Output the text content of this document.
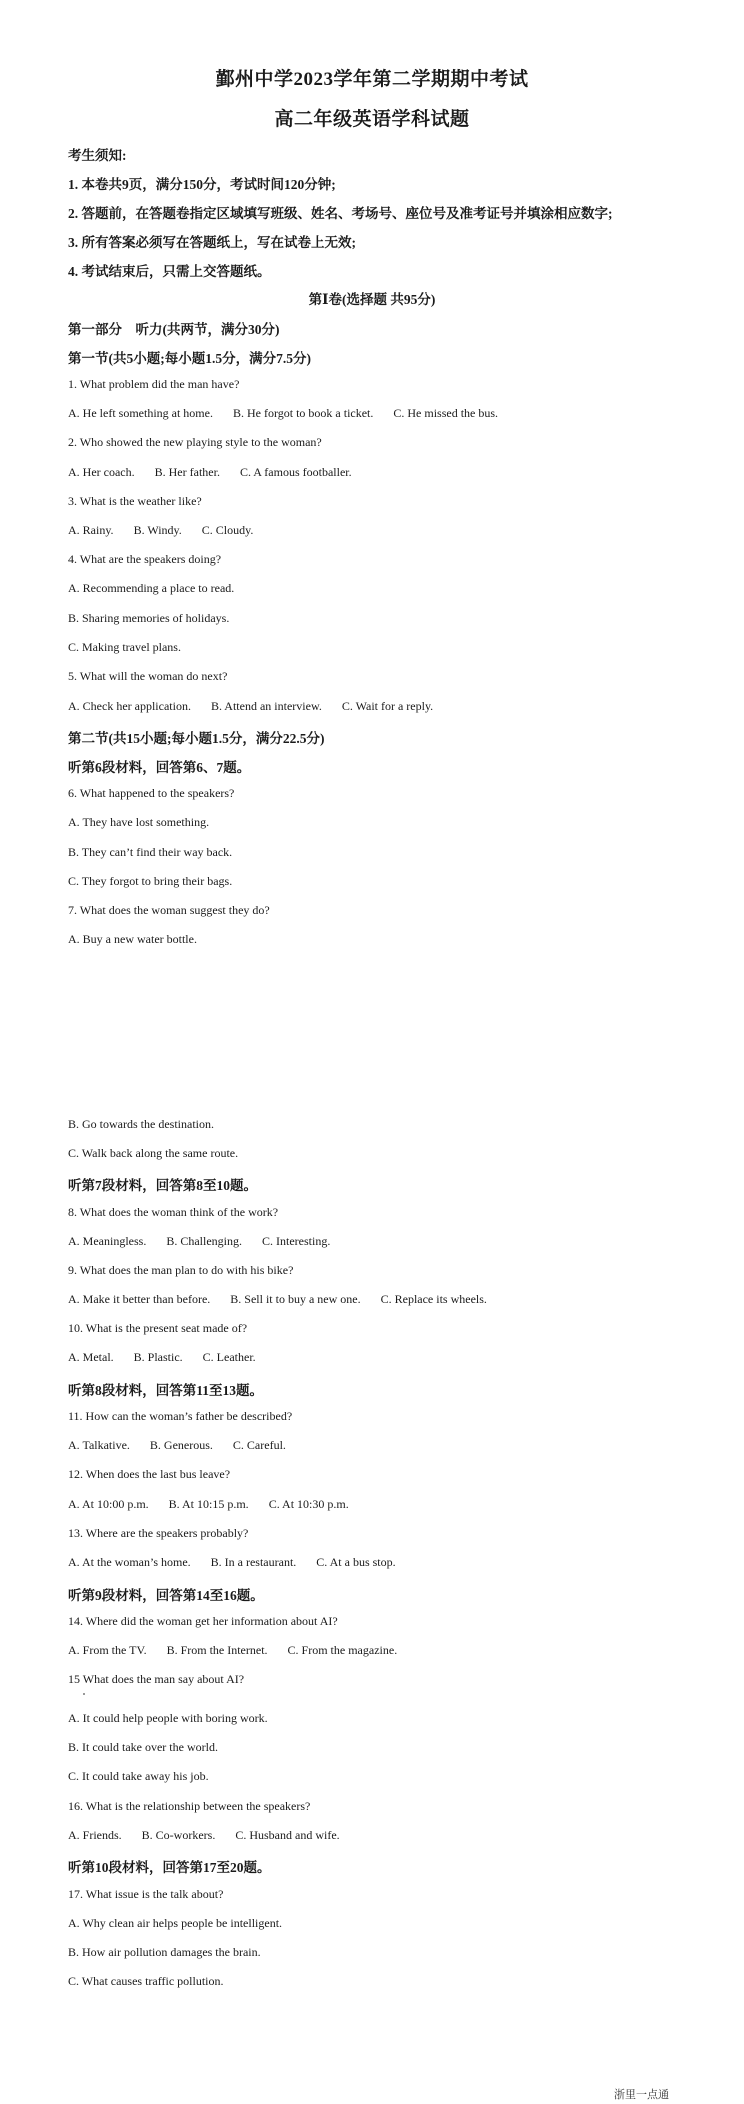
鄞州中学2023学年第二学期期中考试
高二年级英语学科试题
考生须知:
1. 本卷共9页，满分150分，考试时间120分钟;
2. 答题前，在答题卷指定区域填写班级、姓名、考场号、座位号及准考证号并填涂相应数字;
3. 所有答案必须写在答题纸上，写在试卷上无效;
4. 考试结束后，只需上交答题纸。
第Ⅰ卷(选择题 共95分)
第一部分　听力(共两节，满分30分)
第一节(共5小题;每小题1.5分，满分7.5分)
1. What problem did the man have?
A. He left something at home. B. He forgot to book a ticket. C. He missed the bus.
2. Who showed the new playing style to the woman?
A. Her coach. B. Her father. C. A famous footballer.
3. What is the weather like?
A. Rainy. B. Windy. C. Cloudy.
4. What are the speakers doing?
A. Recommending a place to read.
B. Sharing memories of holidays.
C. Making travel plans.
5. What will the woman do next?
A. Check her application. B. Attend an interview. C. Wait for a reply.
第二节(共15小题;每小题1.5分，满分22.5分)
听第6段材料，回答第6、7题。
6. What happened to the speakers?
A. They have lost something.
B. They can’t find their way back.
C. They forgot to bring their bags.
7. What does the woman suggest they do?
A. Buy a new water bottle.
B. Go towards the destination.
C. Walk back along the same route.
听第7段材料，回答第8至10题。
8. What does the woman think of the work?
A. Meaningless. B. Challenging. C. Interesting.
9. What does the man plan to do with his bike?
A. Make it better than before. B. Sell it to buy a new one. C. Replace its wheels.
10. What is the present seat made of?
A. Metal. B. Plastic. C. Leather.
听第8段材料，回答第11至13题。
11. How can the woman’s father be described?
A. Talkative. B. Generous. C. Careful.
12. When does the last bus leave?
A. At 10:00 p.m. B. At 10:15 p.m. C. At 10:30 p.m.
13. Where are the speakers probably?
A. At the woman’s home. B. In a restaurant. C. At a bus stop.
听第9段材料，回答第14至16题。
14. Where did the woman get her information about AI?
A. From the TV. B. From the Internet. C. From the magazine.
15 What does the man say about AI?
A. It could help people with boring work.
B. It could take over the world.
C. It could take away his job.
16. What is the relationship between the speakers?
A. Friends. B. Co-workers. C. Husband and wife.
听第10段材料，回答第17至20题。
17. What issue is the talk about?
A. Why clean air helps people be intelligent.
B. How air pollution damages the brain.
C. What causes traffic pollution.
浙里一点通
